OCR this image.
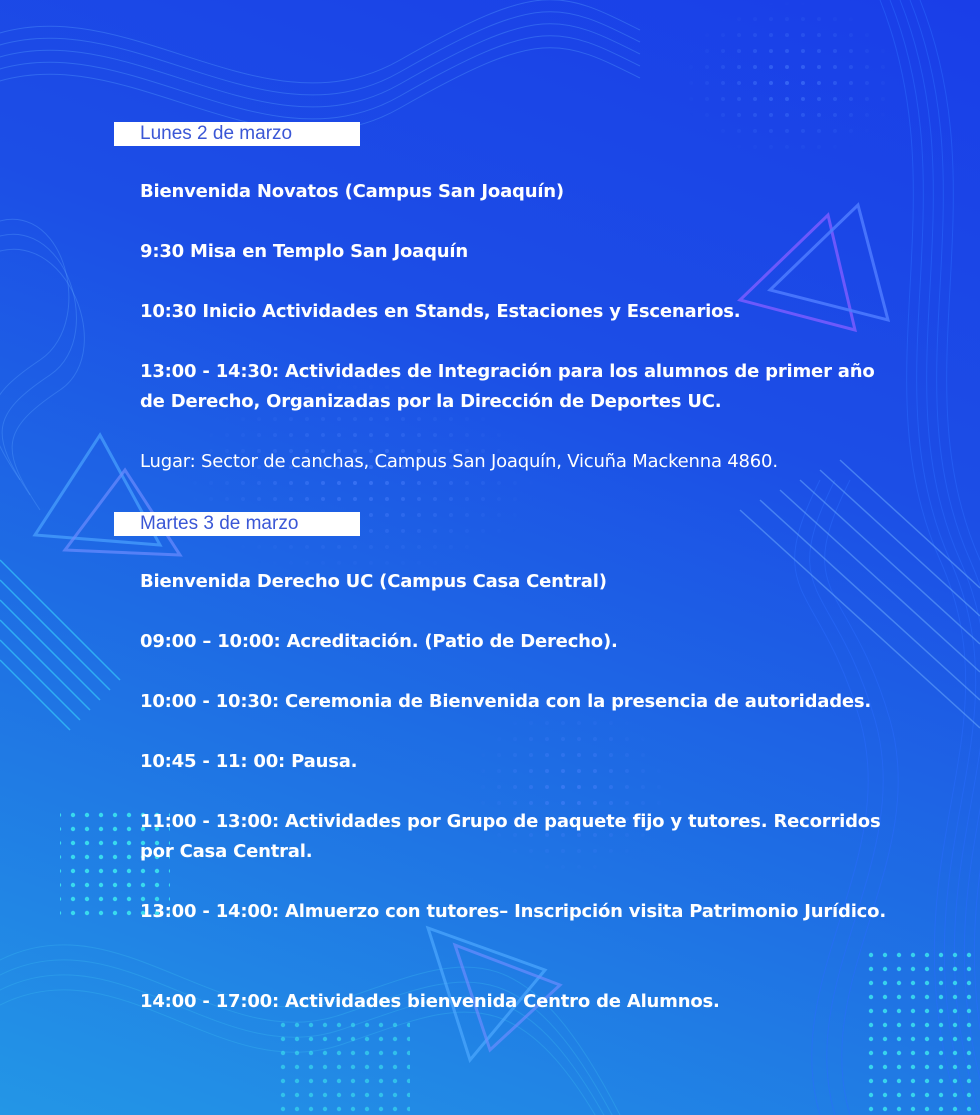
Lunes 2 de marzo
Bienvenida Novatos (Campus San Joaquín)
9:30 Misa en Templo San Joaquín
10:30 Inicio Actividades en Stands, Estaciones y Escenarios.
13:00 - 14:30: Actividades de Integración para los alumnos de primer año de Derecho, Organizadas por la Dirección de Deportes UC.
Lugar: Sector de canchas, Campus San Joaquín, Vicuña Mackenna 4860.
Martes 3 de marzo
Bienvenida Derecho UC (Campus Casa Central)
09:00 – 10:00: Acreditación. (Patio de Derecho).
10:00 - 10:30: Ceremonia de Bienvenida con la presencia de autoridades.
10:45 - 11: 00: Pausa.
11:00 - 13:00: Actividades por Grupo de paquete fijo y tutores. Recorridos por Casa Central.
13:00 - 14:00: Almuerzo con tutores– Inscripción visita Patrimonio Jurídico.
14:00 - 17:00: Actividades bienvenida Centro de Alumnos.
